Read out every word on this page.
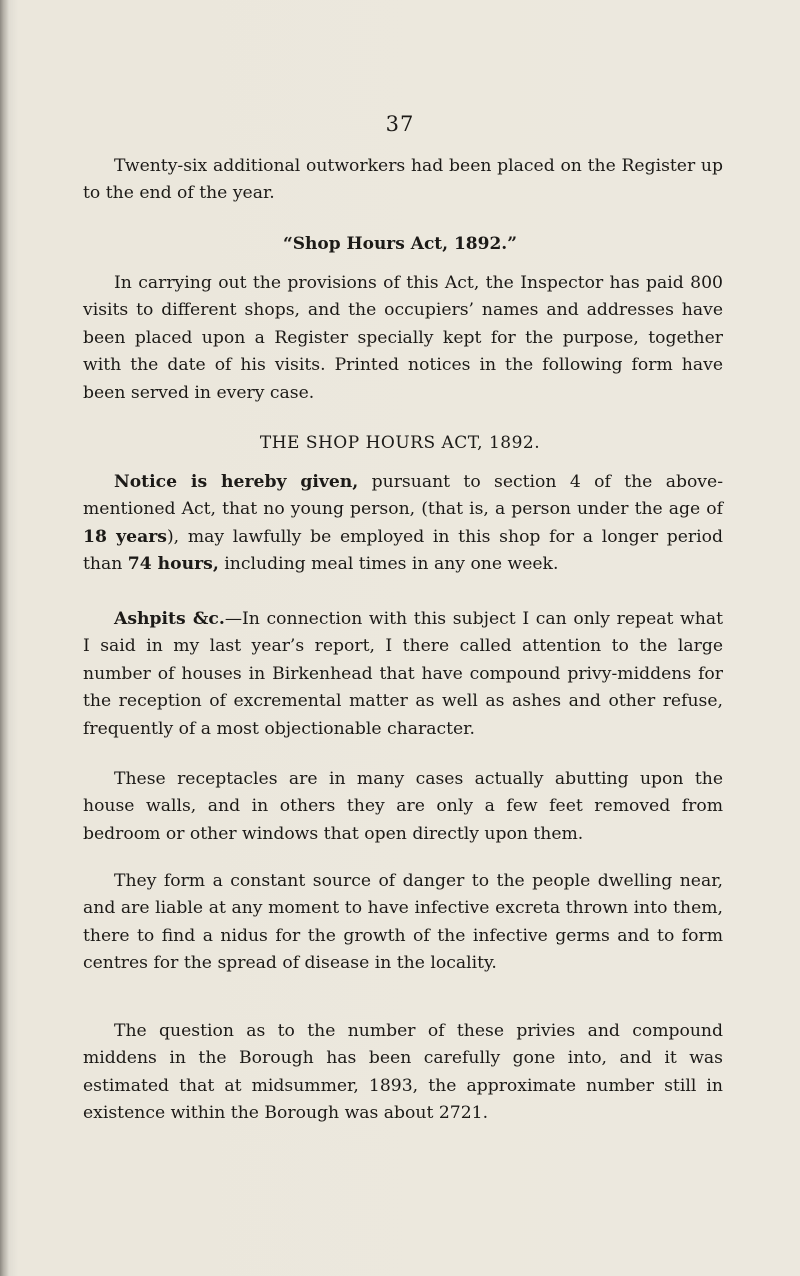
37

Twenty-six additional outworkers had been placed on the Register up to the end of the year.

“Shop Hours Act, 1892.”

In carrying out the provisions of this Act, the Inspector has paid 800 visits to different shops, and the occupiers’ names and addresses have been placed upon a Register specially kept for the purpose, together with the date of his visits. Printed notices in the following form have been served in every case.

THE SHOP HOURS ACT, 1892.

Notice is hereby given, pursuant to section 4 of the above-mentioned Act, that no young person, (that is, a person under the age of 18 years), may lawfully be employed in this shop for a longer period than 74 hours, including meal times in any one week.

Ashpits &c.—In connection with this subject I can only repeat what I said in my last year’s report, I there called attention to the large number of houses in Birkenhead that have compound privy-middens for the reception of excremental matter as well as ashes and other refuse, frequently of a most objectionable character.

These receptacles are in many cases actually abutting upon the house walls, and in others they are only a few feet removed from bedroom or other windows that open directly upon them.

They form a constant source of danger to the people dwelling near, and are liable at any moment to have infective excreta thrown into them, there to find a nidus for the growth of the infective germs and to form centres for the spread of disease in the locality.

The question as to the number of these privies and compound middens in the Borough has been carefully gone into, and it was estimated that at midsummer, 1893, the approximate number still in existence within the Borough was about 2721.
